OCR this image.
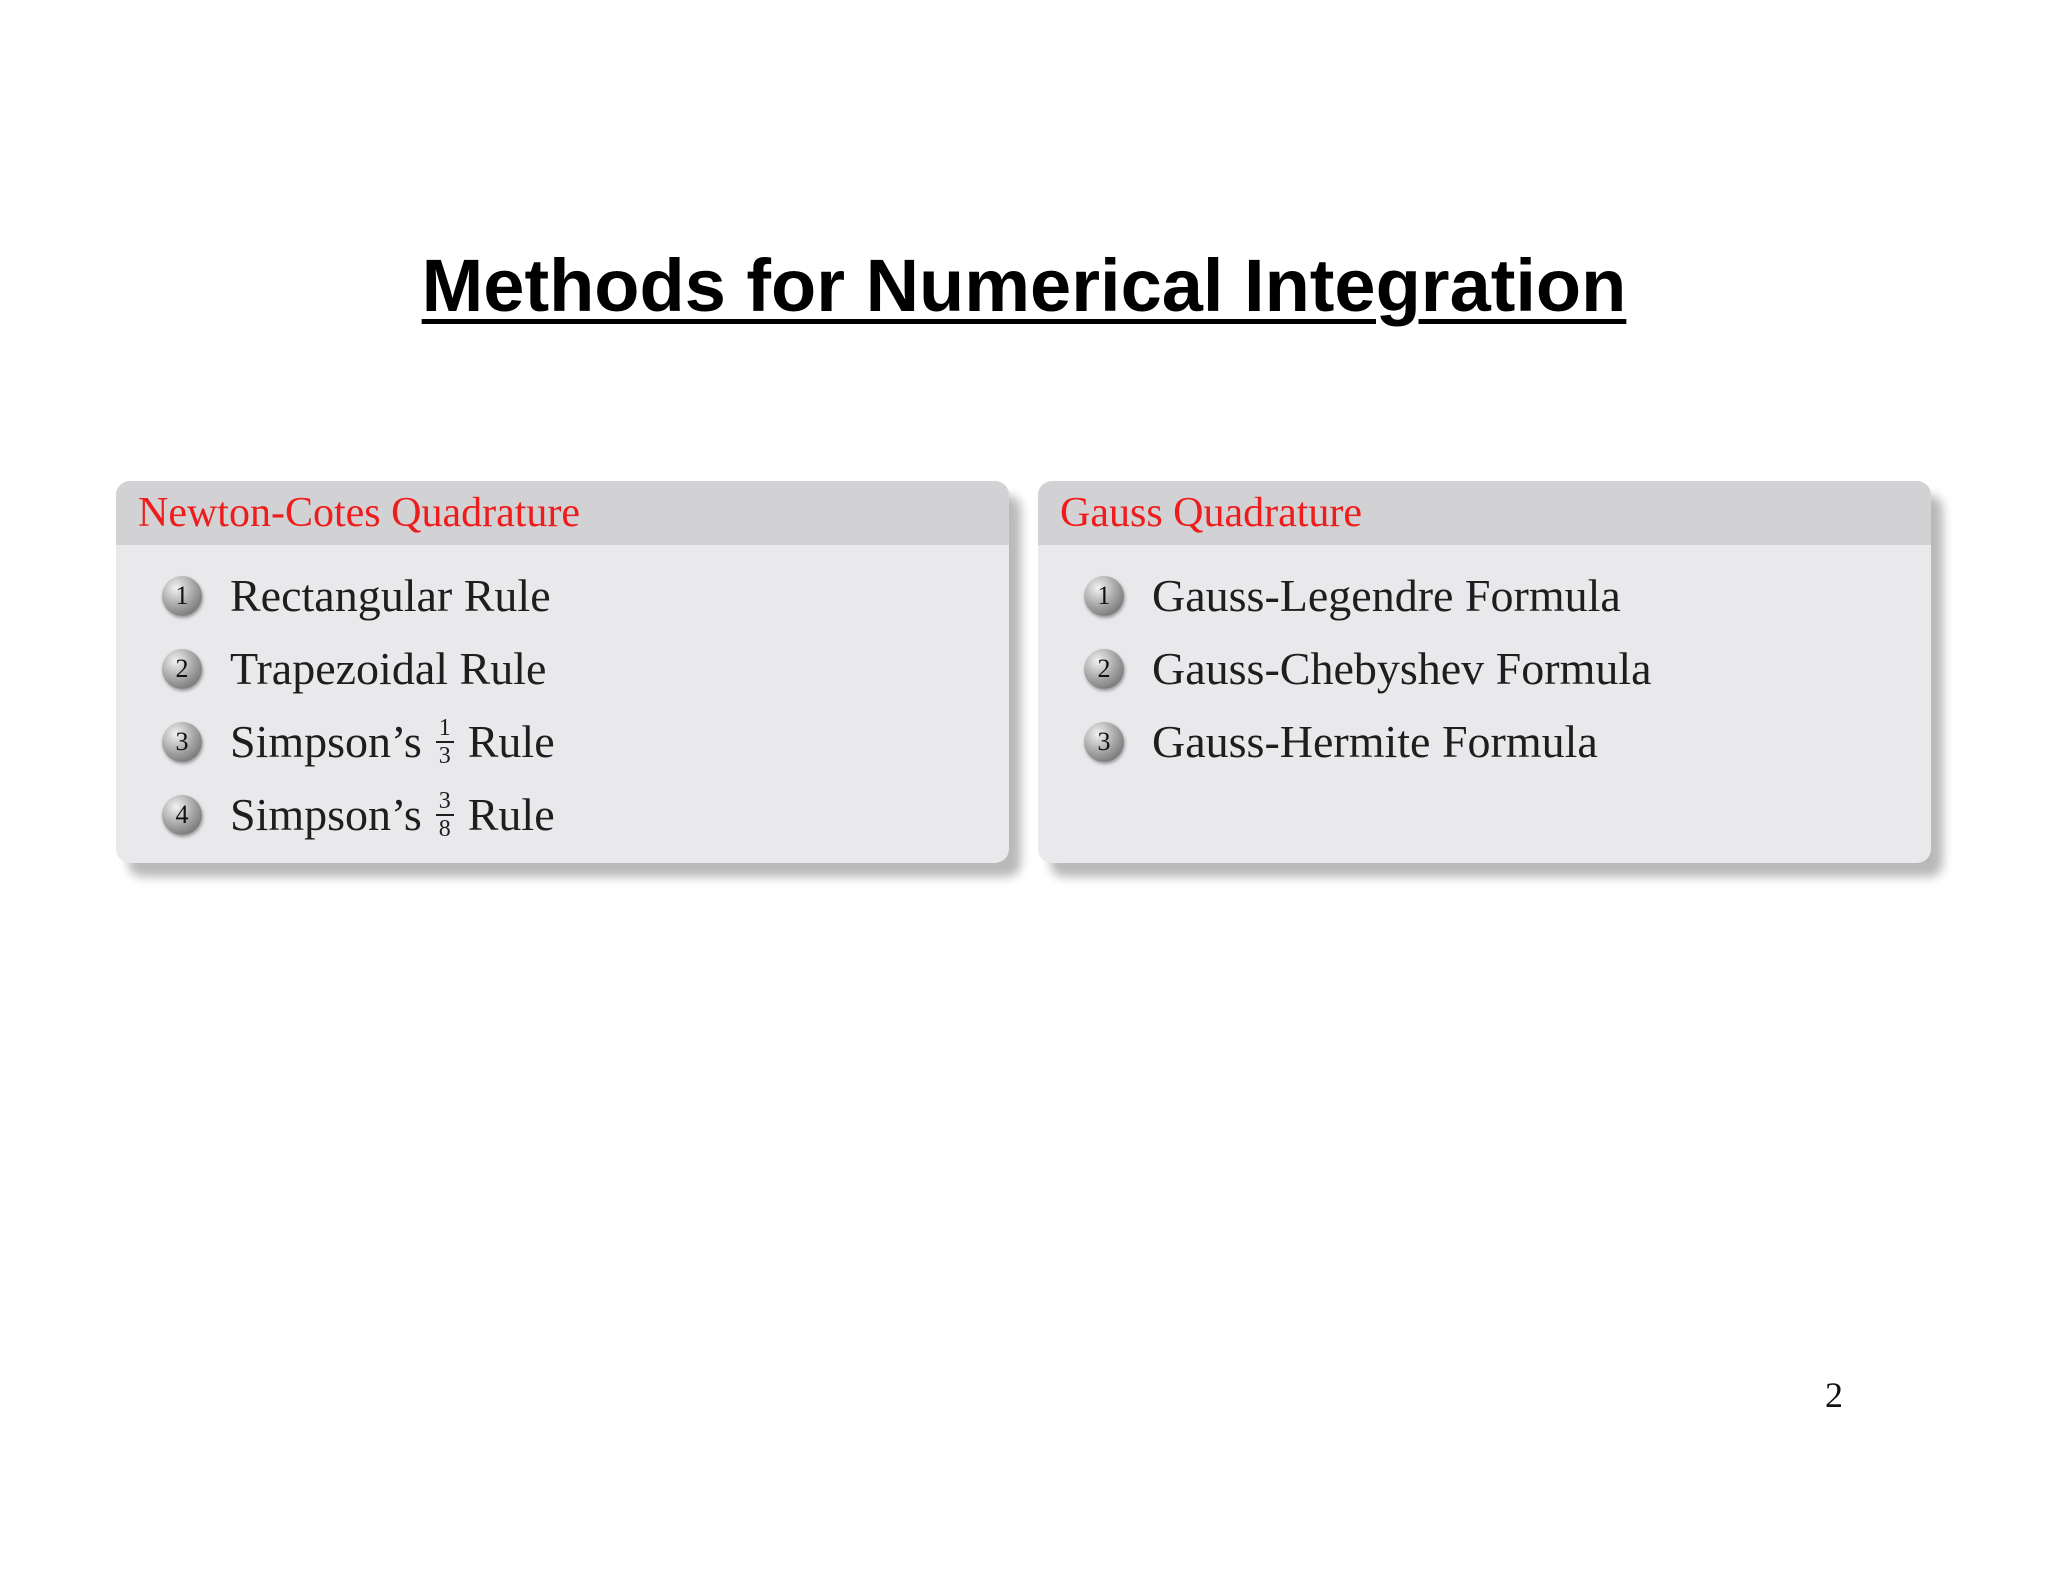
Methods for Numerical Integration
Newton-Cotes Quadrature
1 Rectangular Rule
2 Trapezoidal Rule
3 Simpson’s $\frac{1}{3}$ Rule
4 Simpson’s $\frac{3}{8}$ Rule
Gauss Quadrature
1 Gauss-Legendre Formula
2 Gauss-Chebyshev Formula
3 Gauss-Hermite Formula
2
